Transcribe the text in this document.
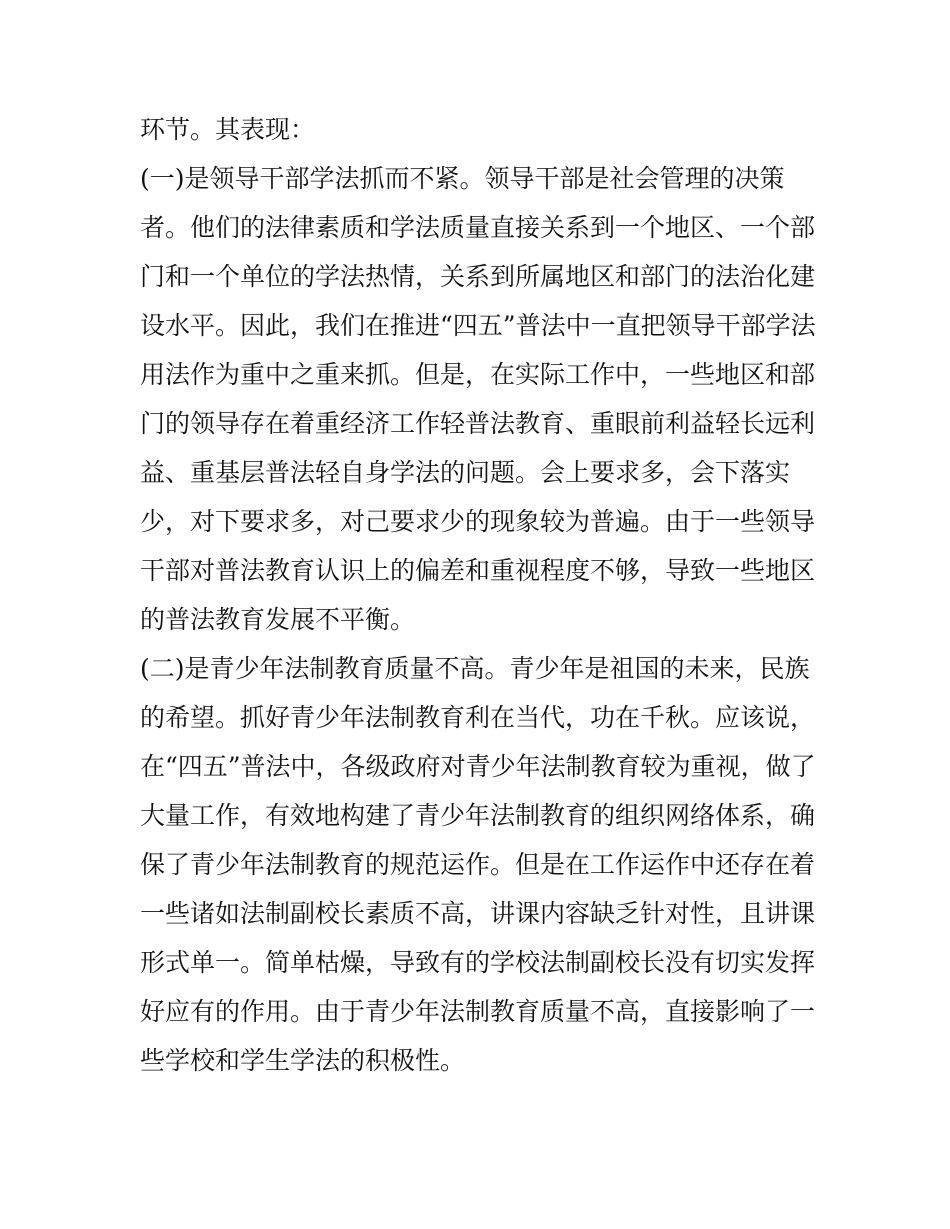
环节。其表现：
(一)是领导干部学法抓而不紧。领导干部是社会管理的决策
者。他们的法律素质和学法质量直接关系到一个地区、一个部
门和一个单位的学法热情，关系到所属地区和部门的法治化建
设水平。因此，我们在推进“四五”普法中一直把领导干部学法
用法作为重中之重来抓。但是，在实际工作中，一些地区和部
门的领导存在着重经济工作轻普法教育、重眼前利益轻长远利
益、重基层普法轻自身学法的问题。会上要求多，会下落实
少，对下要求多，对己要求少的现象较为普遍。由于一些领导
干部对普法教育认识上的偏差和重视程度不够，导致一些地区
的普法教育发展不平衡。
(二)是青少年法制教育质量不高。青少年是祖国的未来，民族
的希望。抓好青少年法制教育利在当代，功在千秋。应该说，
在“四五”普法中，各级政府对青少年法制教育较为重视，做了
大量工作，有效地构建了青少年法制教育的组织网络体系，确
保了青少年法制教育的规范运作。但是在工作运作中还存在着
一些诸如法制副校长素质不高，讲课内容缺乏针对性，且讲课
形式单一。简单枯燥，导致有的学校法制副校长没有切实发挥
好应有的作用。由于青少年法制教育质量不高，直接影响了一
些学校和学生学法的积极性。
